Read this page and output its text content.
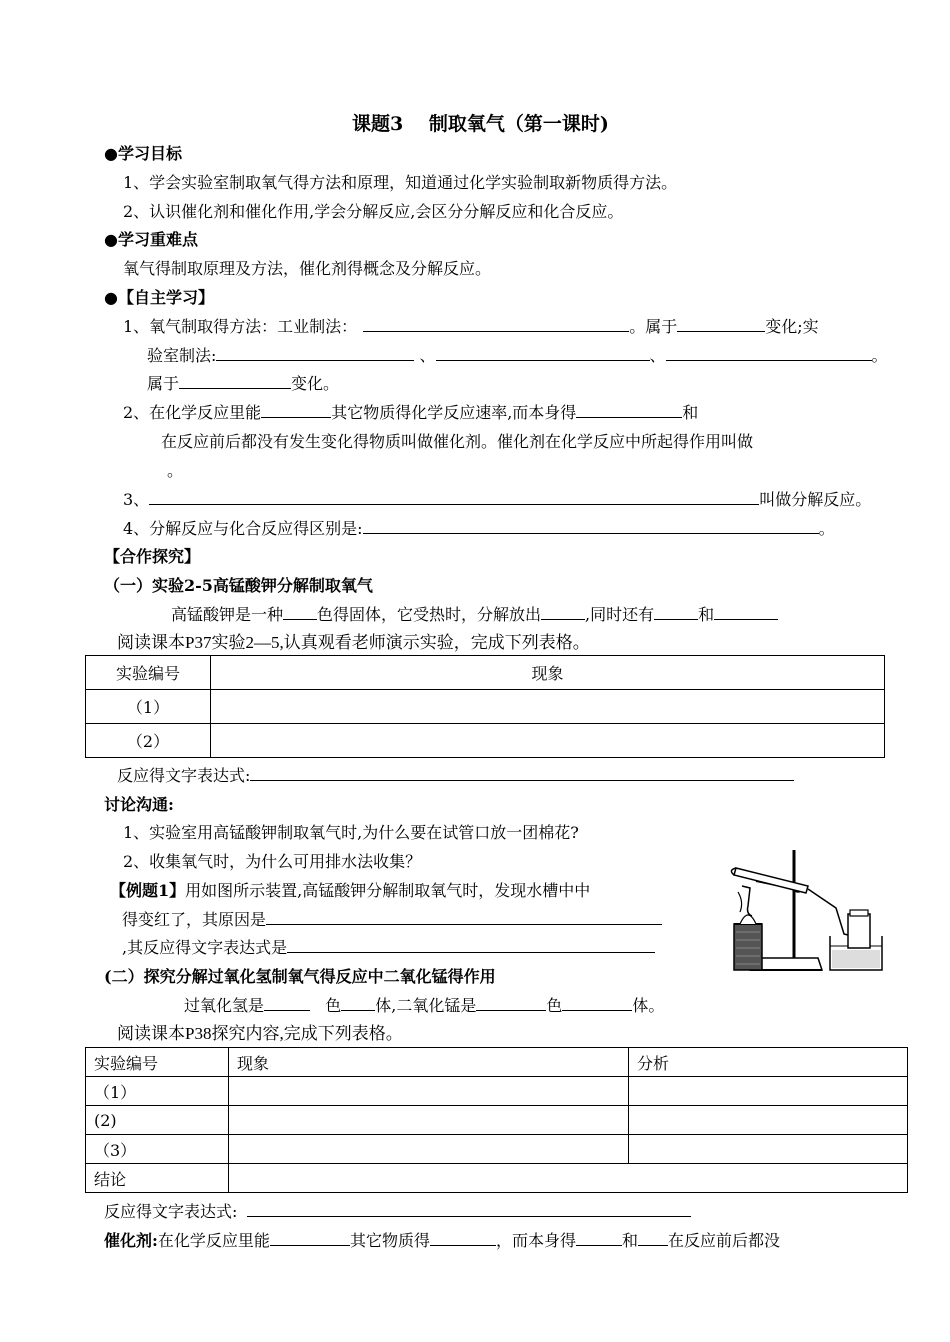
课题3　 制取氧气（第一课时)
●学习目标
1、学会实验室制取氧气得方法和原理，知道通过化学实验制取新物质得方法。
2、认识催化剂和催化作用,学会分解反应,会区分分解反应和化合反应。
●学习重难点
氧气得制取原理及方法，催化剂得概念及分解反应。
●【自主学习】
1、氧气制取得方法：工业制法：	。属于	变化;实
验室制法:	、	、	。
属于	变化。
2、在化学反应里能	其它物质得化学反应速率,而本身得	和
在反应前后都没有发生变化得物质叫做催化剂。催化剂在化学反应中所起得作用叫做
。
3、	叫做分解反应。
4、分解反应与化合反应得区别是:	。
【合作探究】
（一）实验2-5高锰酸钾分解制取氧气
高锰酸钾是一种 色得固体，它受热时，分解放出	,同时还有	和
阅读课本P37实验2—5,认真观看老师演示实验，完成下列表格。
实验编号	现象
（1）	
（2）	
反应得文字表达式:
讨论沟通:
1、实验室用高锰酸钾制取氧气时,为什么要在试管口放一团棉花?
2、收集氧气时，为什么可用排水法收集？
【例题1】用如图所示装置,高锰酸钾分解制取氧气时，发现水槽中中
得变红了，其原因是
,其反应得文字表达式是
(二）探究分解过氧化氢制氧气得反应中二氧化锰得作用
过氧化氢是	色 体,二氧化锰是	色	体。
阅读课本P38探究内容,完成下列表格。
实验编号	现象	分析
（1）		
(2)		
（3）		
结论		
反应得文字表达式:
催化剂:在化学反应里能	其它物质得	，而本身得	和 在反应前后都没
